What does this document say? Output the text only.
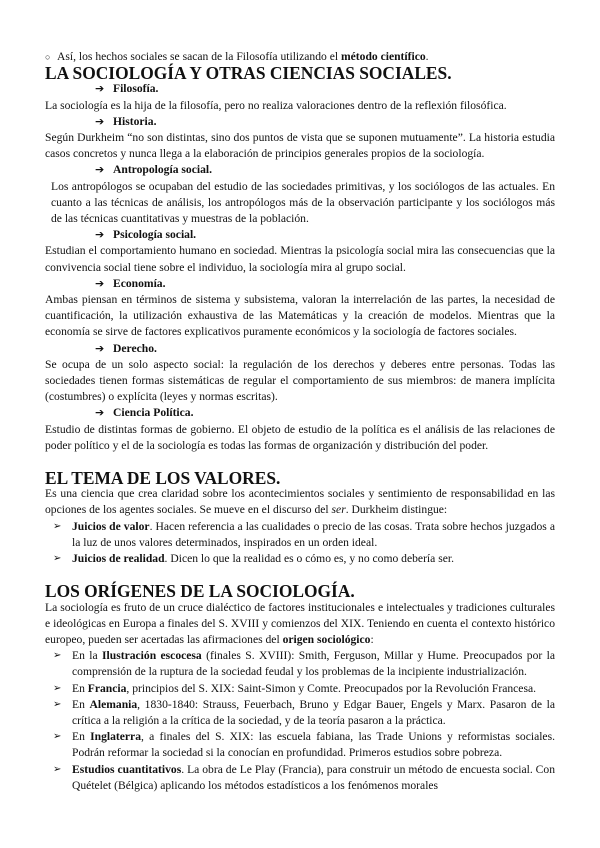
○ Así, los hechos sociales se sacan de la Filosofía utilizando el método científico.

LA SOCIOLOGÍA Y OTRAS CIENCIAS SOCIALES.

➔ Filosofía.

La sociología es la hija de la filosofía, pero no realiza valoraciones dentro de la reflexión filosófica.

➔ Historia.

Según Durkheim “no son distintas, sino dos puntos de vista que se suponen mutuamente”. La historia estudia casos concretos y nunca llega a la elaboración de principios generales propios de la sociología.

➔ Antropología social.

Los antropólogos se ocupaban del estudio de las sociedades primitivas, y los sociólogos de las actuales. En cuanto a las técnicas de análisis, los antropólogos más de la observación participante y los sociólogos más de las técnicas cuantitativas y muestras de la población.

➔ Psicología social.

Estudian el comportamiento humano en sociedad. Mientras la psicología social mira las consecuencias que la convivencia social tiene sobre el individuo, la sociología mira al grupo social.

➔ Economía.

Ambas piensan en términos de sistema y subsistema, valoran la interrelación de las partes, la necesidad de cuantificación, la utilización exhaustiva de las Matemáticas y la creación de modelos. Mientras que la economía se sirve de factores explicativos puramente económicos y la sociología de factores sociales.

➔ Derecho.

Se ocupa de un solo aspecto social: la regulación de los derechos y deberes entre personas. Todas las sociedades tienen formas sistemáticas de regular el comportamiento de sus miembros: de manera implícita (costumbres) o explícita (leyes y normas escritas).

➔ Ciencia Política.

Estudio de distintas formas de gobierno. El objeto de estudio de la política es el análisis de las relaciones de poder político y el de la sociología es todas las formas de organización y distribución del poder.

EL TEMA DE LOS VALORES.

Es una ciencia que crea claridad sobre los acontecimientos sociales y sentimiento de responsabilidad en las opciones de los agentes sociales. Se mueve en el discurso del ser. Durkheim distingue:

➢ Juicios de valor. Hacen referencia a las cualidades o precio de las cosas. Trata sobre hechos juzgados a la luz de unos valores determinados, inspirados en un orden ideal.
➢ Juicios de realidad. Dicen lo que la realidad es o cómo es, y no como debería ser.
LOS ORÍGENES DE LA SOCIOLOGÍA.

La sociología es fruto de un cruce dialéctico de factores institucionales e intelectuales y tradiciones culturales e ideológicas en Europa a finales del S. XVIII y comienzos del XIX. Teniendo en cuenta el contexto histórico europeo, pueden ser acertadas las afirmaciones del origen sociológico:

➢ En la Ilustración escocesa (finales S. XVIII): Smith, Ferguson, Millar y Hume. Preocupados por la comprensión de la ruptura de la sociedad feudal y los problemas de la incipiente industrialización.
➢ En Francia, principios del S. XIX: Saint-Simon y Comte. Preocupados por la Revolución Francesa.
➢ En Alemania, 1830-1840: Strauss, Feuerbach, Bruno y Edgar Bauer, Engels y Marx. Pasaron de la crítica a la religión a la crítica de la sociedad, y de la teoría pasaron a la práctica.
➢ En Inglaterra, a finales del S. XIX: las escuela fabiana, las Trade Unions y reformistas sociales. Podrán reformar la sociedad si la conocían en profundidad. Primeros estudios sobre pobreza.
➢ Estudios cuantitativos. La obra de Le Play (Francia), para construir un método de encuesta social. Con Quételet (Bélgica) aplicando los métodos estadísticos a los fenómenos morales
